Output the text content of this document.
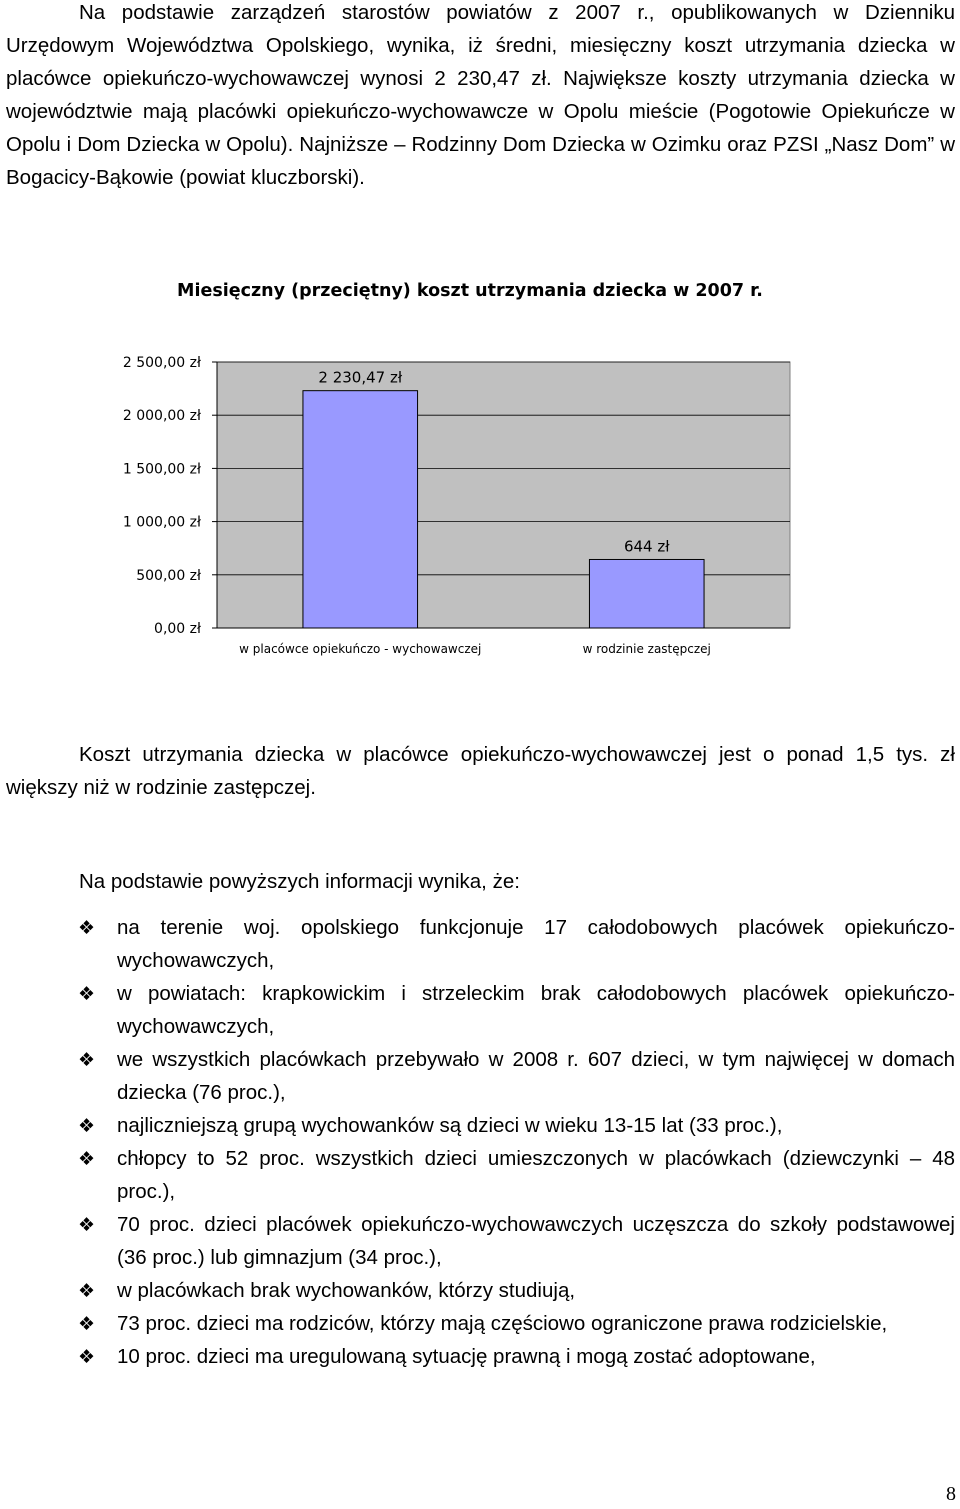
Na podstawie zarządzeń starostów powiatów z 2007 r., opublikowanych w Dzienniku Urzędowym Województwa Opolskiego, wynika, iż średni, miesięczny koszt utrzymania dziecka w placówce opiekuńczo-wychowawczej wynosi 2 230,47 zł. Największe koszty utrzymania dziecka w województwie mają placówki opiekuńczo-wychowawcze w Opolu mieście (Pogotowie Opiekuńcze w Opolu i Dom Dziecka w Opolu). Najniższe – Rodzinny Dom Dziecka w Ozimku oraz PZSI „Nasz Dom” w Bogacicy-Bąkowie (powiat kluczborski).

0,00 zł
500,00 zł
1 000,00 zł
1 500,00 zł
2 000,00 zł
2 500,00 zł
2 230,47 zł
w placówce opiekuńczo - wychowawczej
644 zł
w rodzinie zastępczej
Miesięczny (przeciętny) koszt utrzymania dziecka w 2007 r.

Koszt utrzymania dziecka w placówce opiekuńczo-wychowawczej jest o ponad 1,5 tys. zł większy niż w rodzinie zastępczej.

Na podstawie powyższych informacji wynika, że:

❖ na terenie woj. opolskiego funkcjonuje 17 całodobowych placówek opiekuńczo-wychowawczych,
❖ w powiatach: krapkowickim i strzeleckim brak całodobowych placówek opiekuńczo-wychowawczych,
❖ we wszystkich placówkach przebywało w 2008 r. 607 dzieci, w tym najwięcej w domach dziecka (76 proc.),
❖ najliczniejszą grupą wychowanków są dzieci w wieku 13-15 lat (33 proc.),
❖ chłopcy to 52 proc. wszystkich dzieci umieszczonych w placówkach (dziewczynki – 48 proc.),
❖ 70 proc. dzieci placówek opiekuńczo-wychowawczych uczęszcza do szkoły podstawowej (36 proc.) lub gimnazjum (34 proc.),
❖ w placówkach brak wychowanków, którzy studiują,
❖ 73 proc. dzieci ma rodziców, którzy mają częściowo ograniczone prawa rodzicielskie,
❖ 10 proc. dzieci ma uregulowaną sytuację prawną i mogą zostać adoptowane,
8
